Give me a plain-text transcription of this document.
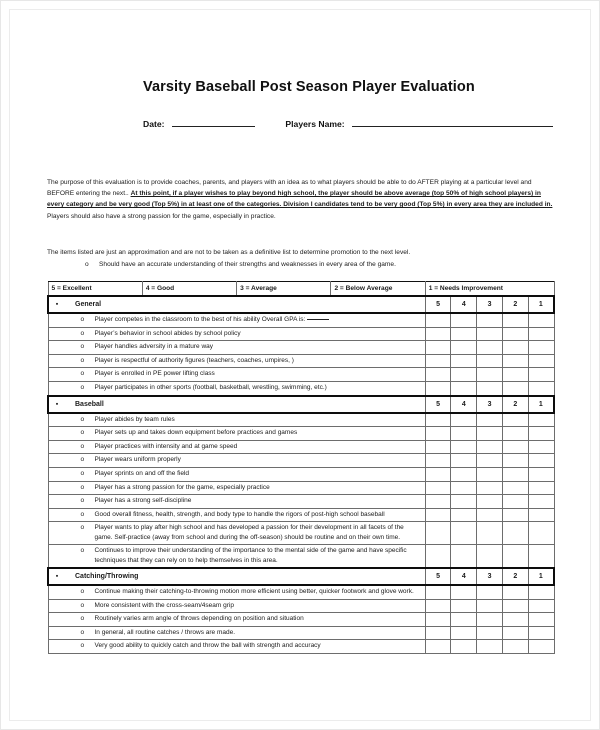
Varsity Baseball Post Season Player Evaluation
Date:	Players Name:
The purpose of this evaluation is to provide coaches, parents, and players with an idea as to what players should be able to do AFTER playing at a particular level and BEFORE entering the next.. At this point, if a player wishes to play beyond high school, the player should be above average (top 50% of high school players) in every category and be very good (Top 5%) in at least one of the categories. Division I candidates tend to be very good (Top 5%) in every area they are included in. Players should also have a strong passion for the game, especially in practice.
The items listed are just an approximation and are not to be taken as a definitive list to determine promotion to the next level.
o Should have an accurate understanding of their strengths and weaknesses in every area of the game.
5 = Excellent	4 = Good	3 = Average	2 = Below Average	1 = Needs Improvement				
▪ General				5	4	3	2	1

o Player competes in the classroom to the best of his ability Overall GPA is:								

o Player’s behavior in school abides by school policy								

o Player handles adversity in a mature way								

o Player is respectful of authority figures (teachers, coaches, umpires, )								

o Player is enrolled in PE power lifting class								

o Player participates in other sports (football, basketball, wrestling, swimming, etc.)								

▪ Baseball				5	4	3	2	1

o Player abides by team rules								

o Player sets up and takes down equipment before practices and games								

o Player practices with intensity and at game speed								

o Player wears uniform properly								

o Player sprints on and off the field								

o Player has a strong passion for the game, especially practice								

o Player has a strong self-discipline								

o Good overall fitness, health, strength, and body type to handle the rigors of post-high school baseball								

o Player wants to play after high school and has developed a passion for their development in all facets of the game. Self-practice (away from school and during the off-season) should be routine and on their own time.								

o Continues to improve their understanding of the importance to the mental side of the game and have specific techniques that they can rely on to help themselves in this area.								

▪ Catching/Throwing				5	4	3	2	1

o Continue making their catching-to-throwing motion more efficient using better, quicker footwork and glove work.								

o More consistent with the cross-seam/4seam grip								

o Routinely varies arm angle of throws depending on position and situation								

o In general, all routine catches / throws are made.								

o Very good ability to quickly catch and throw the ball with strength and accuracy								
